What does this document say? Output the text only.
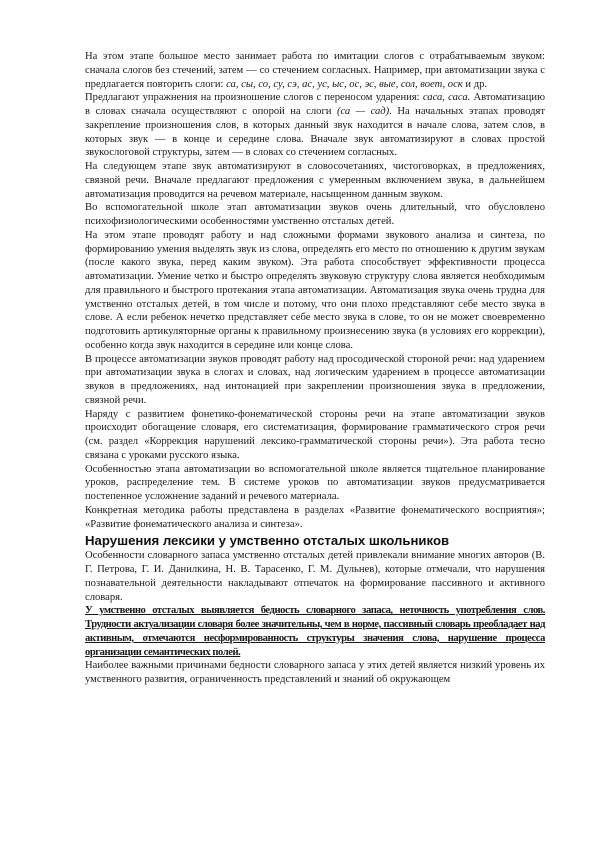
На этом этапе большое место занимает работа по имитации слогов с отрабатываемым звуком: сначала слогов без стечений, затем — со стечением согласных. Например, при автоматизации звука с предлагается повторить слоги: са, сы, со, су, сэ, ас, ус, ыс, ос, эс, вые, сол, воет, оск и др.

Предлагают упражнения на произношение слогов с переносом ударения: саса, саса. Автоматизацию в словах сначала осуществляют с опорой на слоги (са — сад). На начальных этапах проводят закрепление произношения слов, в которых данный звук находится в начале слова, затем слов, в которых звук — в конце и середине слова. Вначале звук автоматизируют в словах простой звукослоговой структуры, затем — в словах со стечением согласных.

На следующем этапе звук автоматизируют в словосочетаниях, чистоговорках, в предложениях, связной речи. Вначале предлагают предложения с умеренным включением звука, в дальнейшем автоматизация проводится на речевом материале, насыщенном данным звуком.

Во вспомогательной школе этап автоматизации звуков очень длительный, что обусловлено психофизиологическими особенностями умственно отсталых детей.

На этом этапе проводят работу и над сложными формами звукового анализа и синтеза, по формированию умения выделять звук из слова, определять его место по отношению к другим звукам (после какого звука, перед каким звуком). Эта работа способствует эффективности процесса автоматизации. Умение четко и быстро определять звуковую структуру слова является необходимым для правильного и быстрого протекания этапа автоматизации. Автоматизация звука очень трудна для умственно отсталых детей, в том числе и потому, что они плохо представляют себе место звука в слове. А если ребенок нечетко представляет себе место звука в слове, то он не может своевременно подготовить артикуляторные органы к правильному произнесению звука (в условиях его коррекции), особенно когда звук находится в середине или конце слова.

В процессе автоматизации звуков проводят работу над просодической стороной речи: над ударением при автоматизации звука в слогах и словах, над логическим ударением в процессе автоматизации звуков в предложениях, над интонацией при закреплении произношения звука в предложении, связной речи.

Наряду с развитием фонетико-фонематической стороны речи на этапе автоматизации звуков происходит обогащение словаря, его систематизация, формирование грамматического строя речи (см. раздел «Коррекция нарушений лексико-грамматической стороны речи»). Эта работа тесно связана с уроками русского языка.

Особенностью этапа автоматизации во вспомогательной школе является тщательное планирование уроков, распределение тем. В системе уроков по автоматизации звуков предусматривается постепенное усложнение заданий и речевого материала.

Конкретная методика работы представлена в разделах «Развитие фонематического восприятия»; «Развитие фонематического анализа и синтеза».

Нарушения лексики у умственно отсталых школьников

Особенности словарного запаса умственно отсталых детей привлекали внимание многих авторов (В. Г. Петрова, Г. И. Данилкина, Н. В. Тарасенко, Г. М. Дульнев), которые отмечали, что нарушения познавательной деятельности накладывают отпечаток на формирование пассивного и активного словаря.

У умственно отсталых выявляется бедность словарного запаса, неточность употребления слов. Трудности актуализации словаря более значительны, чем в норме, пассивный словарь преобладает над активным, отмечаются несформированность структуры значения слова, нарушение процесса организации семантических полей.

Наиболее важными причинами бедности словарного запаса у этих детей является низкий уровень их умственного развития, ограниченность представлений и знаний об окружающем
